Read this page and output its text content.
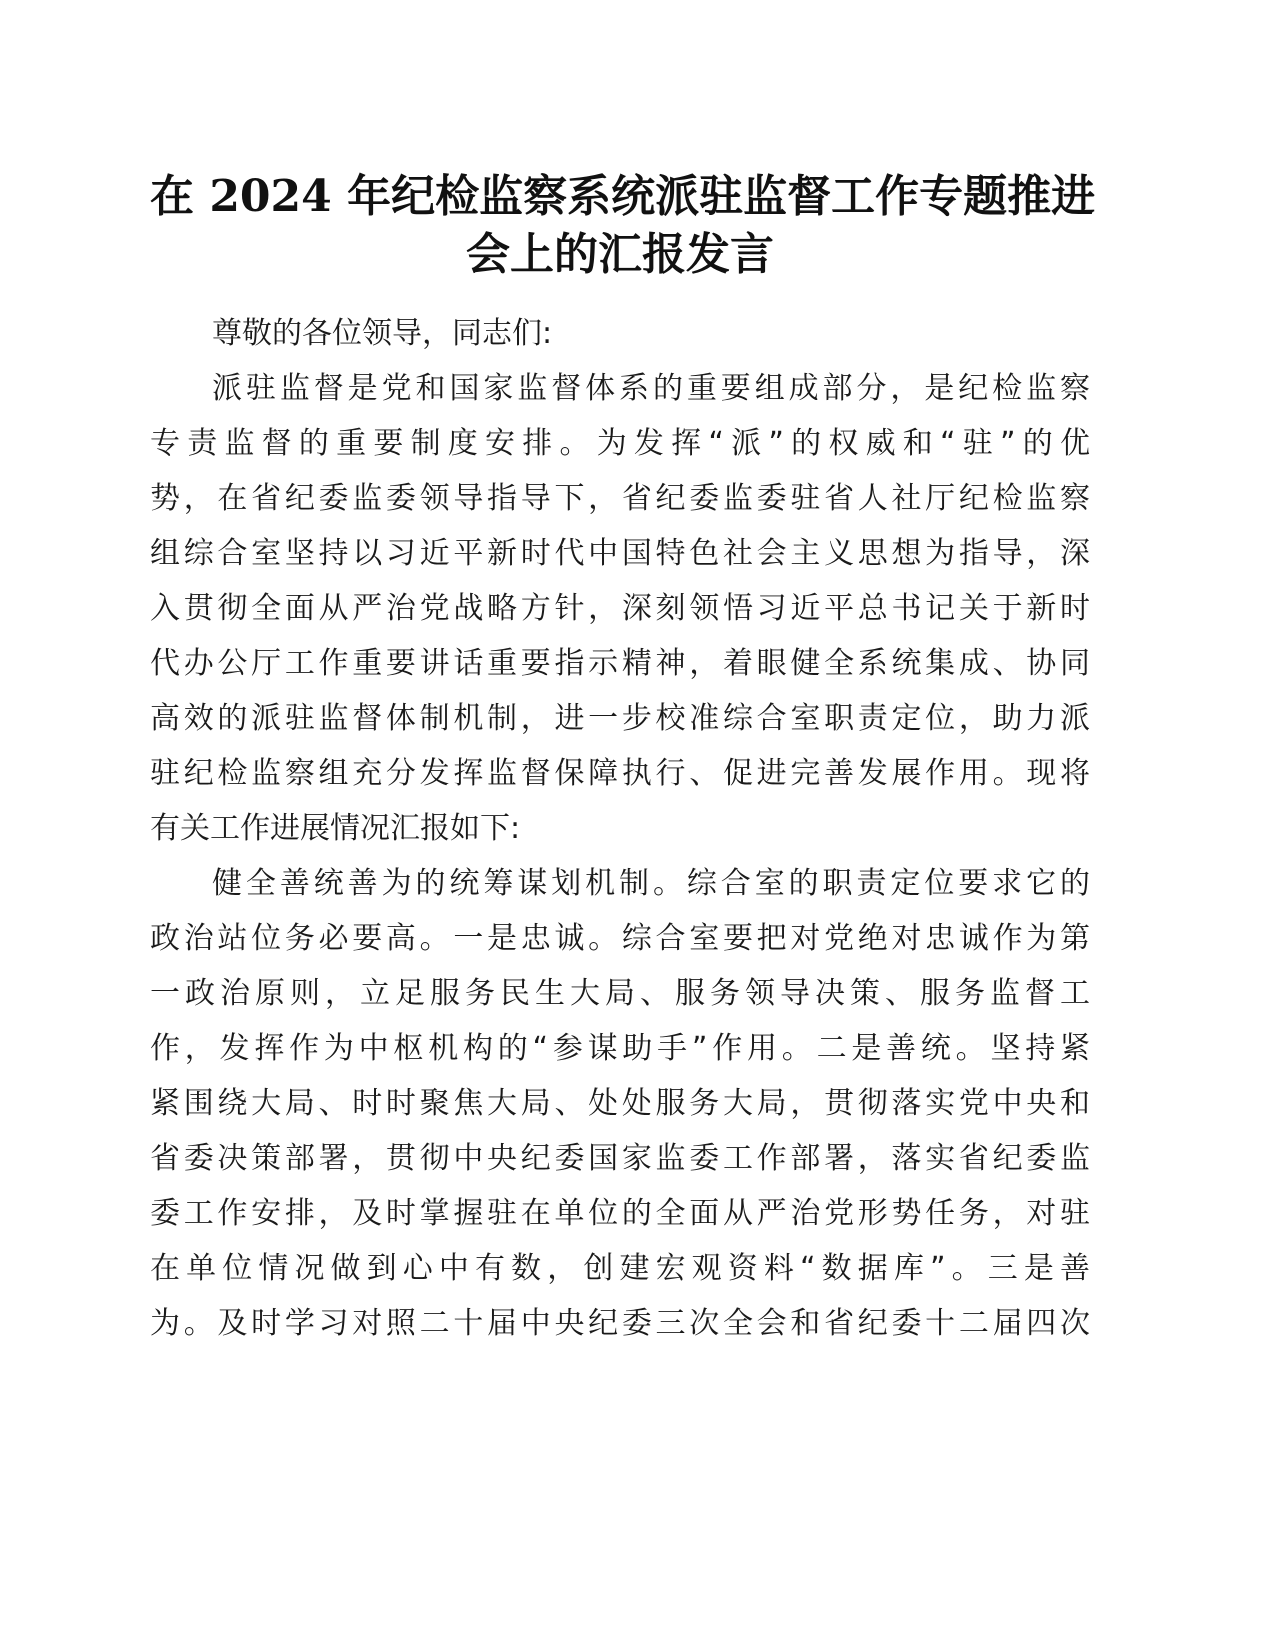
在 2024 年纪检监察系统派驻监督工作专题推进
会上的汇报发言
尊敬的各位领导，同志们:
派驻监督是党和国家监督体系的重要组成部分，是纪检监察
专责监督的重要制度安排。为发挥“派”的权威和“驻”的优
势，在省纪委监委领导指导下，省纪委监委驻省人社厅纪检监察
组综合室坚持以习近平新时代中国特色社会主义思想为指导，深
入贯彻全面从严治党战略方针，深刻领悟习近平总书记关于新时
代办公厅工作重要讲话重要指示精神，着眼健全系统集成、协同
高效的派驻监督体制机制，进一步校准综合室职责定位，助力派
驻纪检监察组充分发挥监督保障执行、促进完善发展作用。现将
有关工作进展情况汇报如下:
健全善统善为的统筹谋划机制。综合室的职责定位要求它的
政治站位务必要高。一是忠诚。综合室要把对党绝对忠诚作为第
一政治原则，立足服务民生大局、服务领导决策、服务监督工
作，发挥作为中枢机构的“参谋助手”作用。二是善统。坚持紧
紧围绕大局、时时聚焦大局、处处服务大局，贯彻落实党中央和
省委决策部署，贯彻中央纪委国家监委工作部署，落实省纪委监
委工作安排，及时掌握驻在单位的全面从严治党形势任务，对驻
在单位情况做到心中有数，创建宏观资料“数据库”。三是善
为。及时学习对照二十届中央纪委三次全会和省纪委十二届四次
